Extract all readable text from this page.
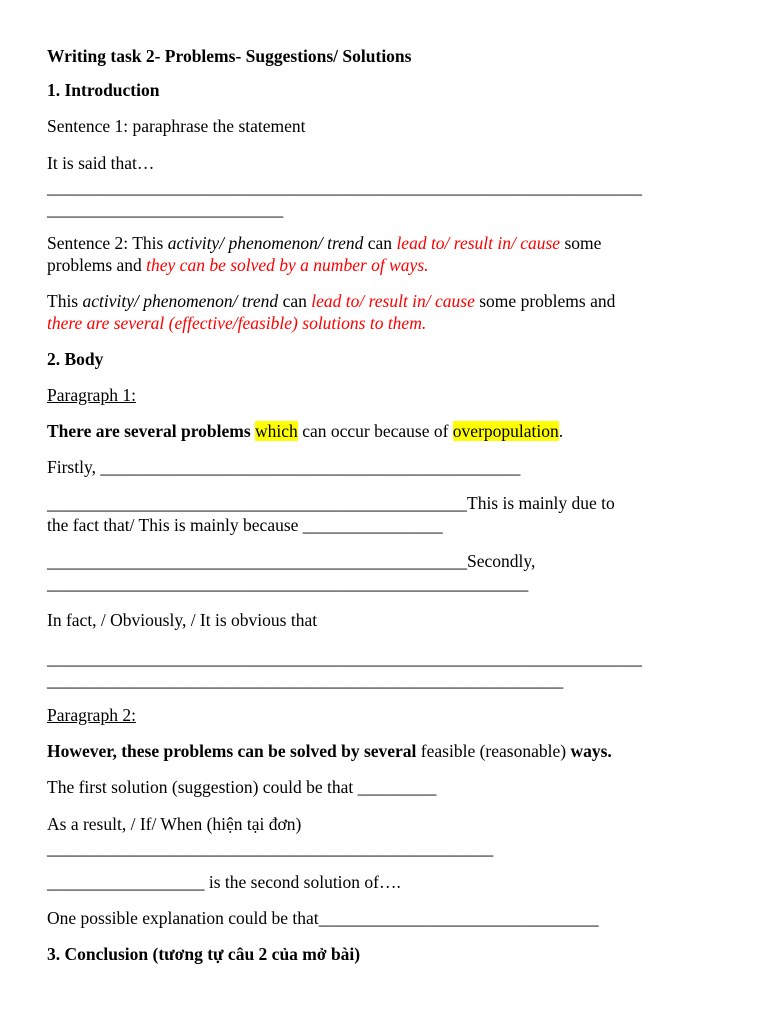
Writing task 2- Problems- Suggestions/ Solutions
1. Introduction
Sentence 1: paraphrase the statement
It is said that…
____________________________________________________________________
___________________________
Sentence 2: This activity/ phenomenon/ trend can lead to/ result in/ cause some
problems and they can be solved by a number of ways.
This activity/ phenomenon/ trend can lead to/ result in/ cause some problems and
there are several (effective/feasible) solutions to them.
2. Body
Paragraph 1:
There are several problems which can occur because of overpopulation.
Firstly, ________________________________________________
________________________________________________This is mainly due to
the fact that/ This is mainly because ________________
________________________________________________Secondly,
_______________________________________________________
In fact, / Obviously, / It is obvious that
____________________________________________________________________
___________________________________________________________
Paragraph 2:
However, these problems can be solved by several feasible (reasonable) ways.
The first solution (suggestion) could be that _________
As a result, / If/ When (hiện tại đơn)
___________________________________________________
__________________ is the second solution of….
One possible explanation could be that________________________________
3. Conclusion (tương tự câu 2 của mở bài)
